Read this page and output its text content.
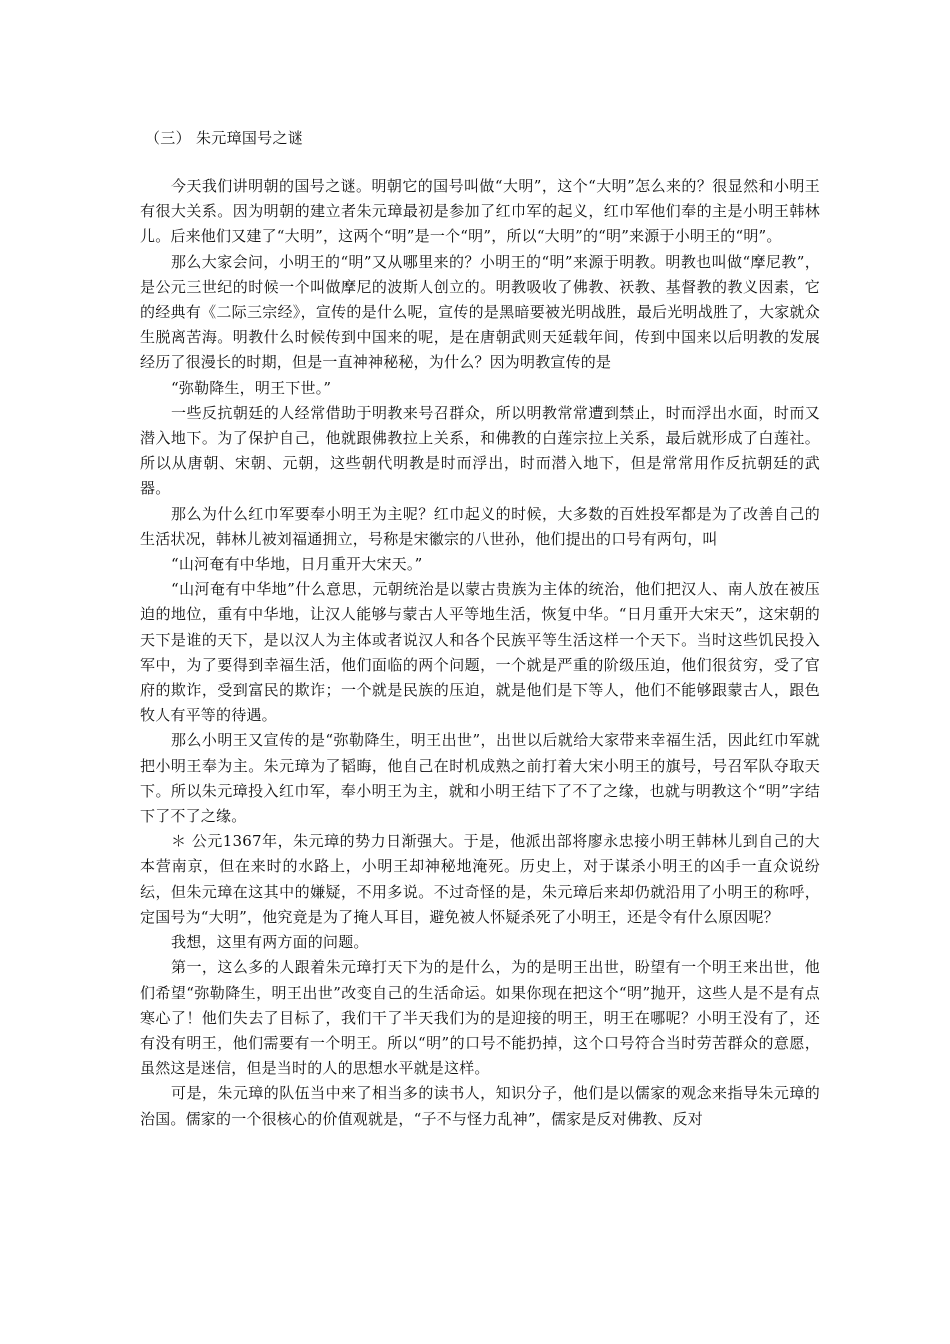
（三） 朱元璋国号之谜

今天我们讲明朝的国号之谜。明朝它的国号叫做“大明”，这个“大明”怎么来的？很显然和小明王有很大关系。因为明朝的建立者朱元璋最初是参加了红巾军的起义，红巾军他们奉的主是小明王韩林儿。后来他们又建了“大明”，这两个“明”是一个“明”，所以“大明”的“明”来源于小明王的“明”。

那么大家会问，小明王的“明”又从哪里来的？小明王的“明”来源于明教。明教也叫做“摩尼教”，是公元三世纪的时候一个叫做摩尼的波斯人创立的。明教吸收了佛教、祆教、基督教的教义因素，它的经典有《二际三宗经》，宣传的是什么呢，宣传的是黑暗要被光明战胜，最后光明战胜了，大家就众生脱离苦海。明教什么时候传到中国来的呢，是在唐朝武则天延载年间，传到中国来以后明教的发展经历了很漫长的时期，但是一直神神秘秘，为什么？因为明教宣传的是

“弥勒降生，明王下世。”

一些反抗朝廷的人经常借助于明教来号召群众，所以明教常常遭到禁止，时而浮出水面，时而又潜入地下。为了保护自己，他就跟佛教拉上关系，和佛教的白莲宗拉上关系，最后就形成了白莲社。所以从唐朝、宋朝、元朝，这些朝代明教是时而浮出，时而潜入地下，但是常常用作反抗朝廷的武器。

那么为什么红巾军要奉小明王为主呢？红巾起义的时候，大多数的百姓投军都是为了改善自己的生活状况，韩林儿被刘福通拥立，号称是宋徽宗的八世孙，他们提出的口号有两句，叫

“山河奄有中华地，日月重开大宋天。”

“山河奄有中华地”什么意思，元朝统治是以蒙古贵族为主体的统治，他们把汉人、南人放在被压迫的地位，重有中华地，让汉人能够与蒙古人平等地生活，恢复中华。“日月重开大宋天”，这宋朝的天下是谁的天下，是以汉人为主体或者说汉人和各个民族平等生活这样一个天下。当时这些饥民投入军中，为了要得到幸福生活，他们面临的两个问题，一个就是严重的阶级压迫，他们很贫穷，受了官府的欺诈，受到富民的欺诈；一个就是民族的压迫，就是他们是下等人，他们不能够跟蒙古人，跟色牧人有平等的待遇。

那么小明王又宣传的是“弥勒降生，明王出世”，出世以后就给大家带来幸福生活，因此红巾军就把小明王奉为主。朱元璋为了韬晦，他自己在时机成熟之前打着大宋小明王的旗号，号召军队夺取天下。所以朱元璋投入红巾军，奉小明王为主，就和小明王结下了不了之缘，也就与明教这个“明”字结下了不了之缘。

＊ 公元1367年，朱元璋的势力日渐强大。于是，他派出部将廖永忠接小明王韩林儿到自己的大本营南京，但在来时的水路上，小明王却神秘地淹死。历史上，对于谋杀小明王的凶手一直众说纷纭，但朱元璋在这其中的嫌疑，不用多说。不过奇怪的是，朱元璋后来却仍就沿用了小明王的称呼，定国号为“大明”，他究竟是为了掩人耳目，避免被人怀疑杀死了小明王，还是令有什么原因呢？

我想，这里有两方面的问题。

第一，这么多的人跟着朱元璋打天下为的是什么，为的是明王出世，盼望有一个明王来出世，他们希望“弥勒降生，明王出世”改变自己的生活命运。如果你现在把这个“明”抛开，这些人是不是有点寒心了！他们失去了目标了，我们干了半天我们为的是迎接的明王，明王在哪呢？小明王没有了，还有没有明王，他们需要有一个明王。所以“明”的口号不能扔掉，这个口号符合当时劳苦群众的意愿，虽然这是迷信，但是当时的人的思想水平就是这样。

可是，朱元璋的队伍当中来了相当多的读书人，知识分子，他们是以儒家的观念来指导朱元璋的治国。儒家的一个很核心的价值观就是，“子不与怪力乱神”，儒家是反对佛教、反对
